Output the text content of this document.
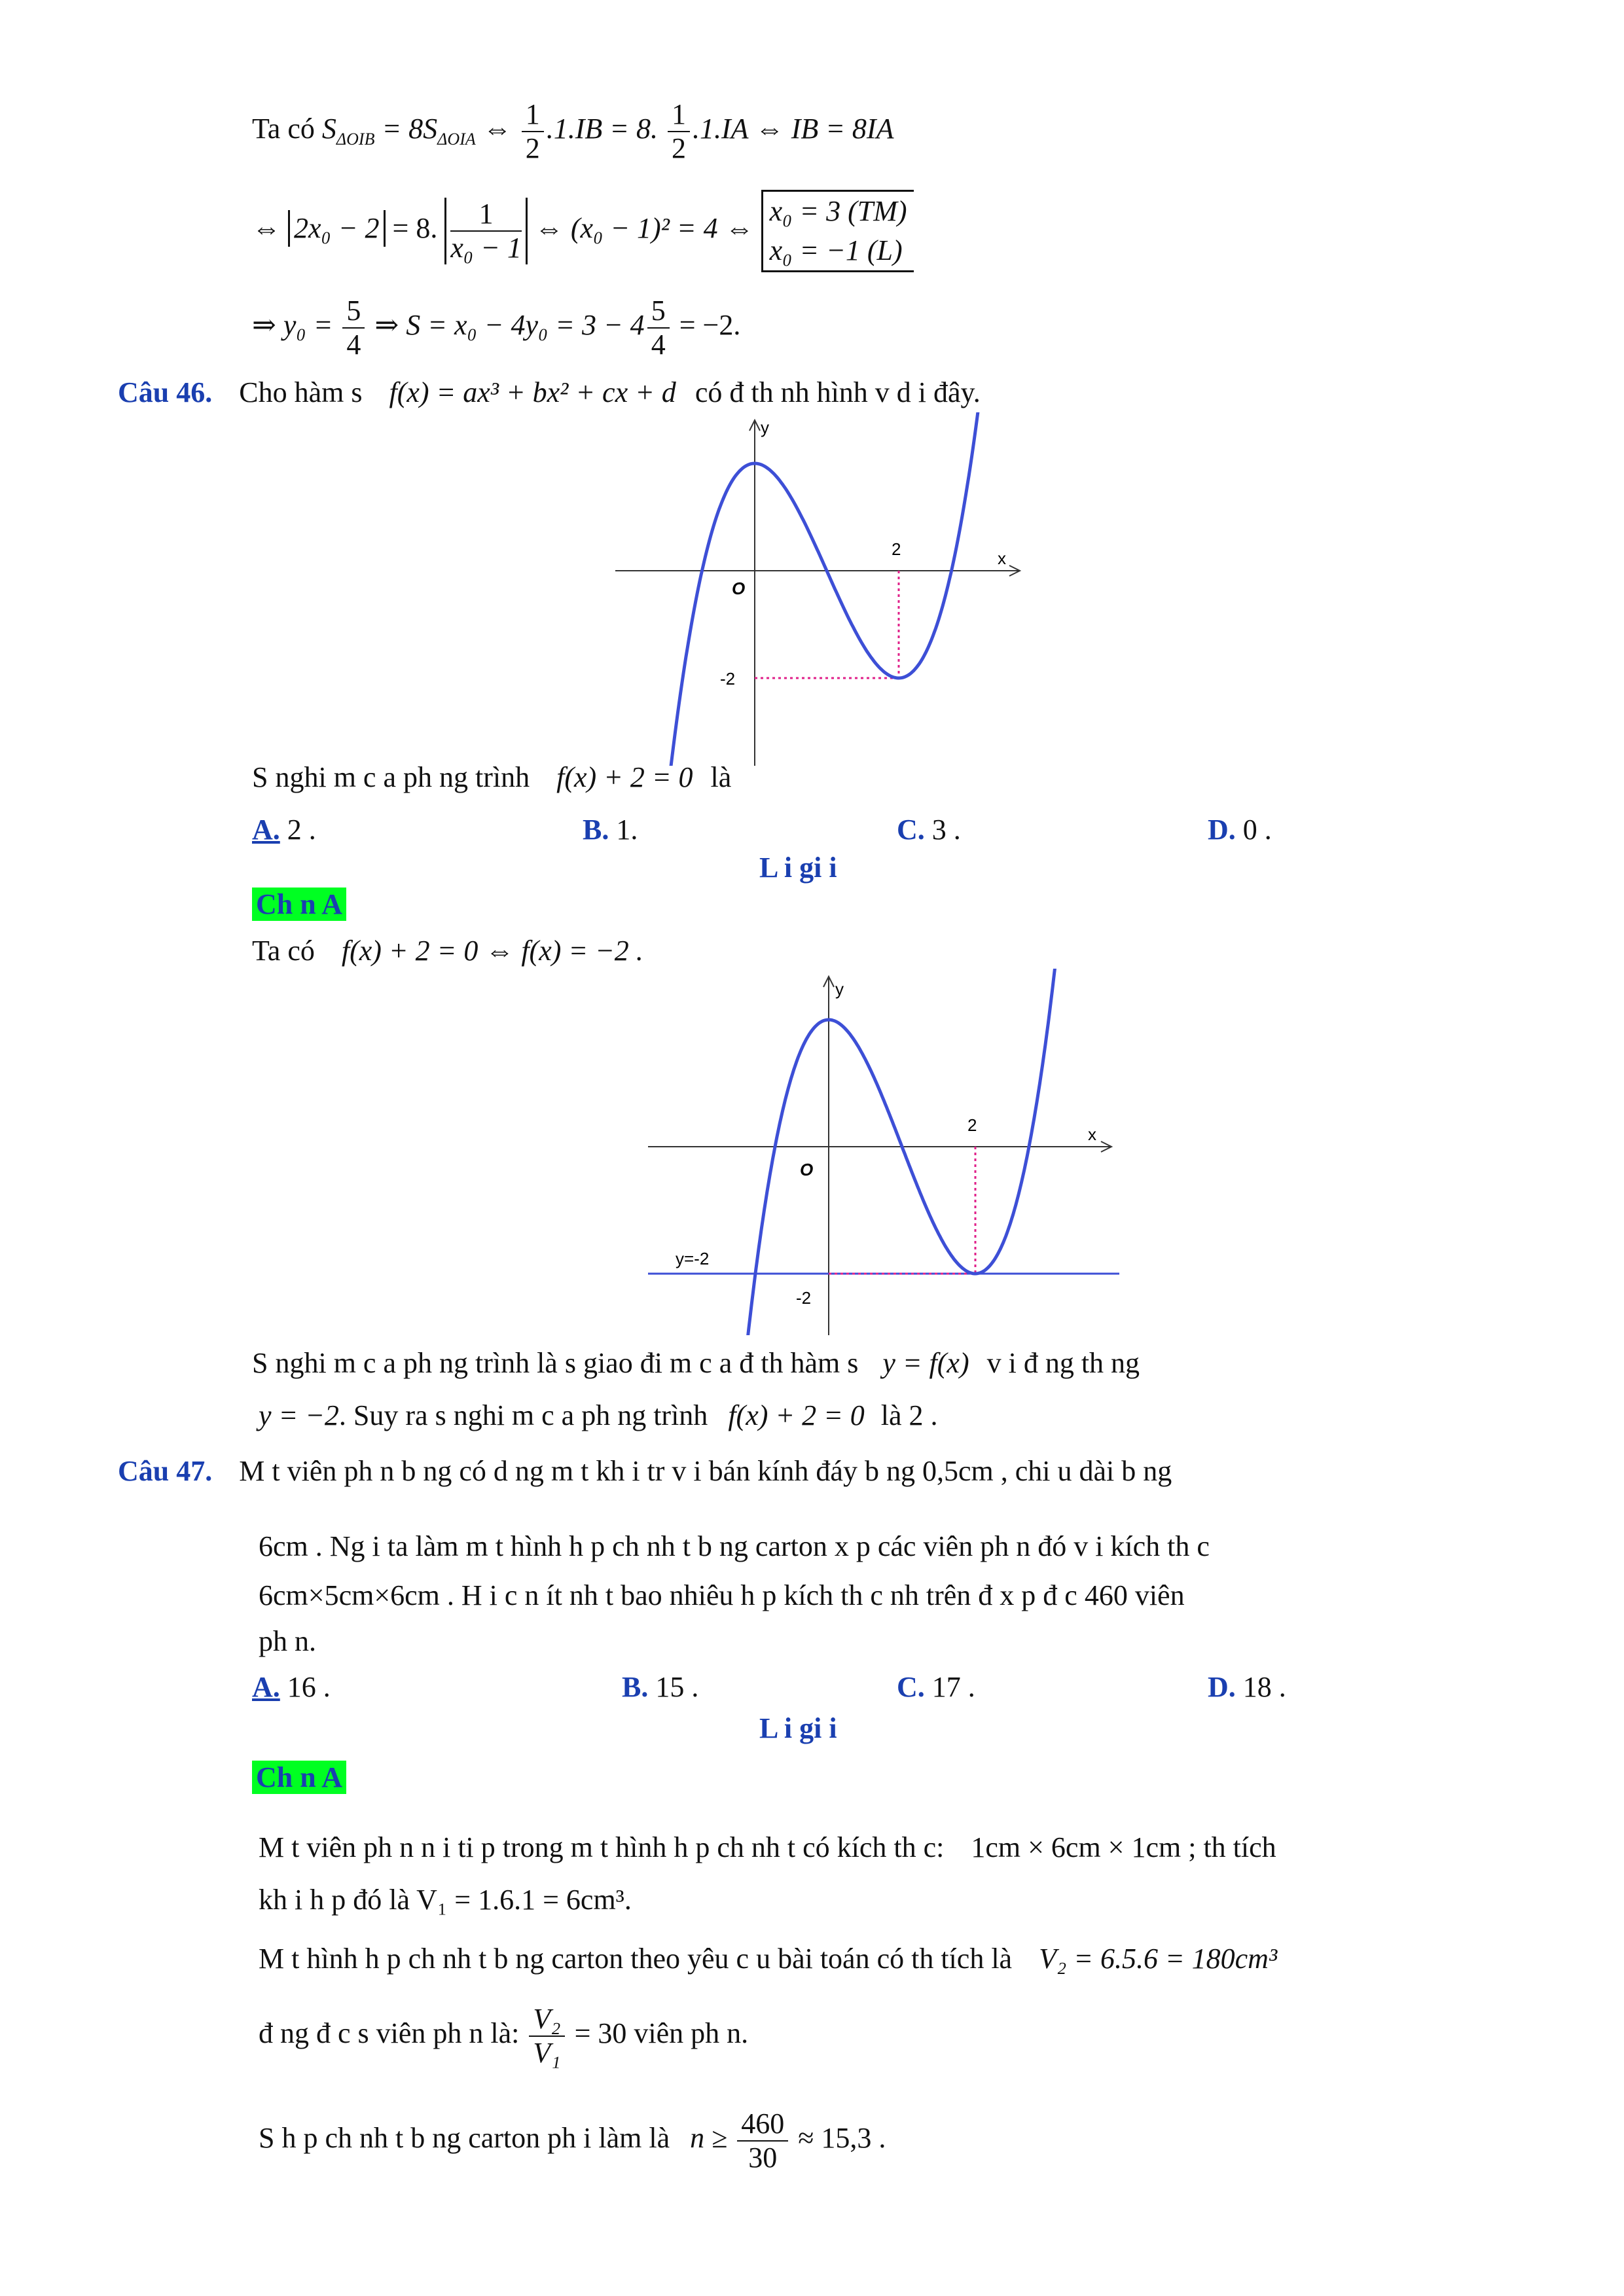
Ta có $S_{\Delta OIB} = 8S_{\Delta OIA}$ ⇔ $\frac{1}{2} .1.IB = 8$. $\frac{1}{2} .1.IA$ ⇔ IB = 8IA
⇔ 2x₀ − 2 = 8. $\frac{1}{\text{x₀ − 1}}$ ⇔ (x₀ − 1)² = 4 ⇔
x₀ = 3 (TM)
x₀ = −1 (L)
⇒ $y_0 = \frac{5}{4}$ ⇒ $S = x_0 - 4y_0 = 3 - 4 \frac{5}{4} = -2$.
Câu 46. Cho hàm s f(x) = ax³ + bx² + cx + d có đ th nh hình v d i đây.
y
x
O
2
-2
S nghi m c a ph ng trình f(x) + 2 = 0 là
A. 2 .	B. 1.	C. 3 .	D. 0 .
L i gi i
Ch n A
Ta có f(x) + 2 = 0 ⇔ f(x) = −2 .
y
x
O
2
-2
y=-2
S nghi m c a ph ng trình là s giao đi m c a đ th hàm s y = f(x) v i đ ng th ng
y = −2. Suy ra s nghi m c a ph ng trình f(x) + 2 = 0 là 2 .
Câu 47. M t viên ph n b ng có d ng m t kh i tr v i bán kính đáy b ng 0,5cm , chi u dài b ng
6cm . Ng i ta làm m t hình h p ch nh t b ng carton x p các viên ph n đó v i kích th c
6cm×5cm×6cm . H i c n ít nh t bao nhiêu h p kích th c nh trên đ x p đ c 460 viên
ph n.
A. 16 .	B. 15 .	C. 17 .	D. 18 .
L i gi i
Ch n A
M t viên ph n n i ti p trong m t hình h p ch nh t có kích th c: 1cm × 6cm × 1cm ; th tích
kh i h p đó là V₁ = 1.6.1 = 6cm³.
M t hình h p ch nh t b ng carton theo yêu c u bài toán có th tích là V₂ = 6.5.6 = 180cm³
đ ng đ c s viên ph n là: $\frac{\text{V₂}}{\text{V₁}} = 30$ viên ph n.
S h p ch nh t b ng carton ph i làm là $n \ge \frac{460}{30} \approx 15,3$ .
